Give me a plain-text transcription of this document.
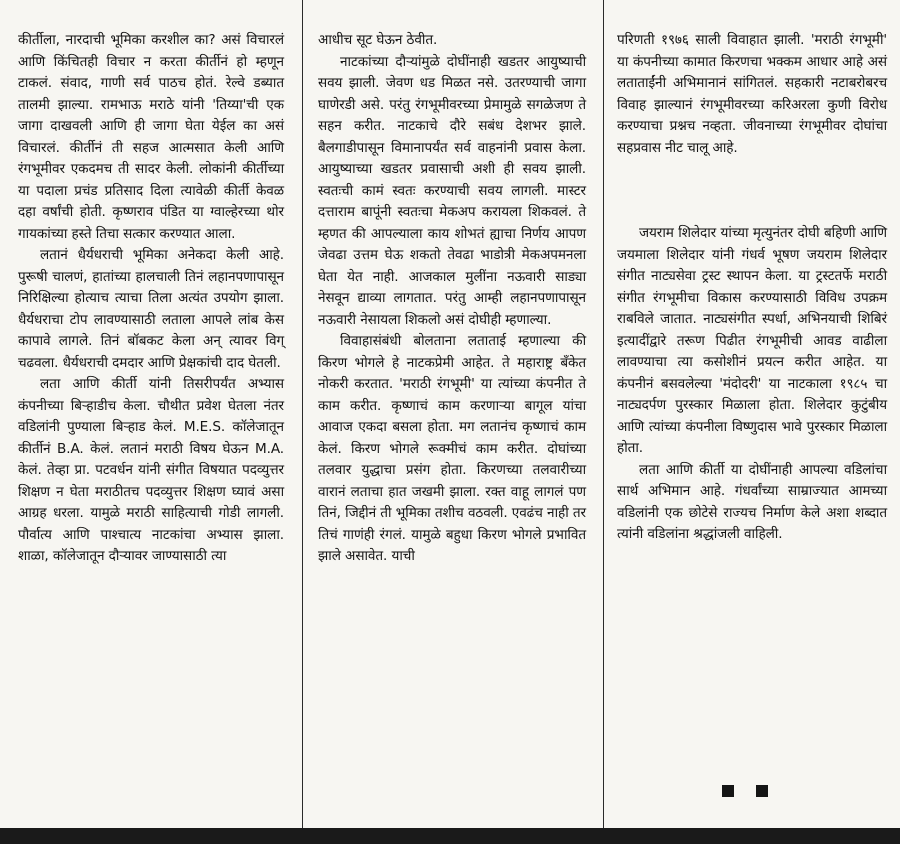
कीर्तीला, नारदाची भूमिका करशील का? असं विचारलं आणि किंचितही विचार न करता कीर्तीनं हो म्हणून टाकलं. संवाद, गाणी सर्व पाठच होतं. रेल्वे डब्यात तालमी झाल्या. रामभाऊ मराठे यांनी 'तिय्या'ची एक जागा दाखवली आणि ही जागा घेता येईल का असं विचारलं. कीर्तीनं ती सहज आत्मसात केली आणि रंगभूमीवर एकदमच ती सादर केली. लोकांनी कीर्तीच्या या पदाला प्रचंड प्रतिसाद दिला त्यावेळी कीर्ती केवळ दहा वर्षांची होती. कृष्णराव पंडित या ग्वाल्हेरच्या थोर गायकांच्या हस्ते तिचा सत्कार करण्यात आला.

लतानं धैर्यधराची भूमिका अनेकदा केली आहे. पुरूषी चालणं, हातांच्या हालचाली तिनं लहानपणापासून निरिक्षिल्या होत्याच त्याचा तिला अत्यंत उपयोग झाला. धैर्यधराचा टोप लावण्यासाठी लताला आपले लांब केस कापावे लागले. तिनं बॉबकट केला अन् त्यावर विग् चढवला. धैर्यधराची दमदार आणि प्रेक्षकांची दाद घेतली.

लता आणि कीर्ती यांनी तिसरीपर्यंत अभ्यास कंपनीच्या बिऱ्हाडीच केला. चौथीत प्रवेश घेतला नंतर वडिलांनी पुण्याला बिऱ्हाड केलं. M.E.S. कॉलेजातून कीर्तीनं B.A. केलं. लतानं मराठी विषय घेऊन M.A. केलं. तेव्हा प्रा. पटवर्धन यांनी संगीत विषयात पदव्युत्तर शिक्षण न घेता मराठीतच पदव्युत्तर शिक्षण घ्यावं असा आग्रह धरला. यामुळे मराठी साहित्याची गोडी लागली. पौर्वात्य आणि पाश्चात्य नाटकांचा अभ्यास झाला. शाळा, कॉलेजातून दौऱ्यावर जाण्यासाठी त्या

आधीच सूट घेऊन ठेवीत.

नाटकांच्या दौऱ्यांमुळे दोघींनाही खडतर आयुष्याची सवय झाली. जेवण धड मिळत नसे. उतरण्याची जागा घाणेरडी असे. परंतु रंगभूमीवरच्या प्रेमामुळे सगळेजण ते सहन करीत. नाटकाचे दौरे सबंध देशभर झाले. बैलगाडीपासून विमानापर्यंत सर्व वाहनांनी प्रवास केला. आयुष्याच्या खडतर प्रवासाची अशी ही सवय झाली. स्वतःची कामं स्वतः करण्याची सवय लागली. मास्टर दत्ताराम बापूंनी स्वतःचा मेकअप करायला शिकवलं. ते म्हणत की आपल्याला काय शोभतं ह्याचा निर्णय आपण जेवढा उत्तम घेऊ शकतो तेवढा भाडोत्री मेकअपमनला घेता येत नाही. आजकाल मुलींना नऊवारी साड्या नेसवून द्याव्या लागतात. परंतु आम्ही लहानपणापासून नऊवारी नेसायला शिकलो असं दोघीही म्हणाल्या.

विवाहासंबंधी बोलताना लताताई म्हणाल्या की किरण भोगले हे नाटकप्रेमी आहेत. ते महाराष्ट्र बँकेत नोकरी करतात. 'मराठी रंगभूमी' या त्यांच्या कंपनीत ते काम करीत. कृष्णाचं काम करणाऱ्या बागूल यांचा आवाज एकदा बसला होता. मग लतानंच कृष्णाचं काम केलं. किरण भोगले रूक्मीचं काम करीत. दोघांच्या तलवार युद्धाचा प्रसंग होता. किरणच्या तलवारीच्या वारानं लताचा हात जखमी झाला. रक्त वाहू लागलं पण तिनं, जिद्दीनं ती भूमिका तशीच वठवली. एवढंच नाही तर तिचं गाणंही रंगलं. यामुळे बहुधा किरण भोगले प्रभावित झाले असावेत. याची

परिणती १९७६ साली विवाहात झाली. 'मराठी रंगभूमी' या कंपनीच्या कामात किरणचा भक्कम आधार आहे असं लताताईंनी अभिमानानं सांगितलं. सहकारी नटाबरोबरच विवाह झाल्यानं रंगभूमीवरच्या करिअरला कुणी विरोध करण्याचा प्रश्नच नव्हता. जीवनाच्या रंगभूमीवर दोघांचा सहप्रवास नीट चालू आहे.

जयराम शिलेदार यांच्या मृत्युनंतर दोघी बहिणी आणि जयमाला शिलेदार यांनी गंधर्व भूषण जयराम शिलेदार संगीत नाट्यसेवा ट्रस्ट स्थापन केला. या ट्रस्टतर्फे मराठी संगीत रंगभूमीचा विकास करण्यासाठी विविध उपक्रम राबविले जातात. नाट्यसंगीत स्पर्धा, अभिनयाची शिबिरं इत्यादींद्वारे तरूण पिढीत रंगभूमीची आवड वाढीला लावण्याचा त्या कसोशीनं प्रयत्न करीत आहेत. या कंपनीनं बसवलेल्या 'मंदोदरी' या नाटकाला १९८५ चा नाट्यदर्पण पुरस्कार मिळाला होता. शिलेदार कुटुंबीय आणि त्यांच्या कंपनीला विष्णुदास भावे पुरस्कार मिळाला होता.

लता आणि कीर्ती या दोघींनाही आपल्या वडिलांचा सार्थ अभिमान आहे. गंधर्वांच्या साम्राज्यात आमच्या वडिलांनी एक छोटेसे राज्यच निर्माण केले अशा शब्दात त्यांनी वडिलांना श्रद्धांजली वाहिली.
